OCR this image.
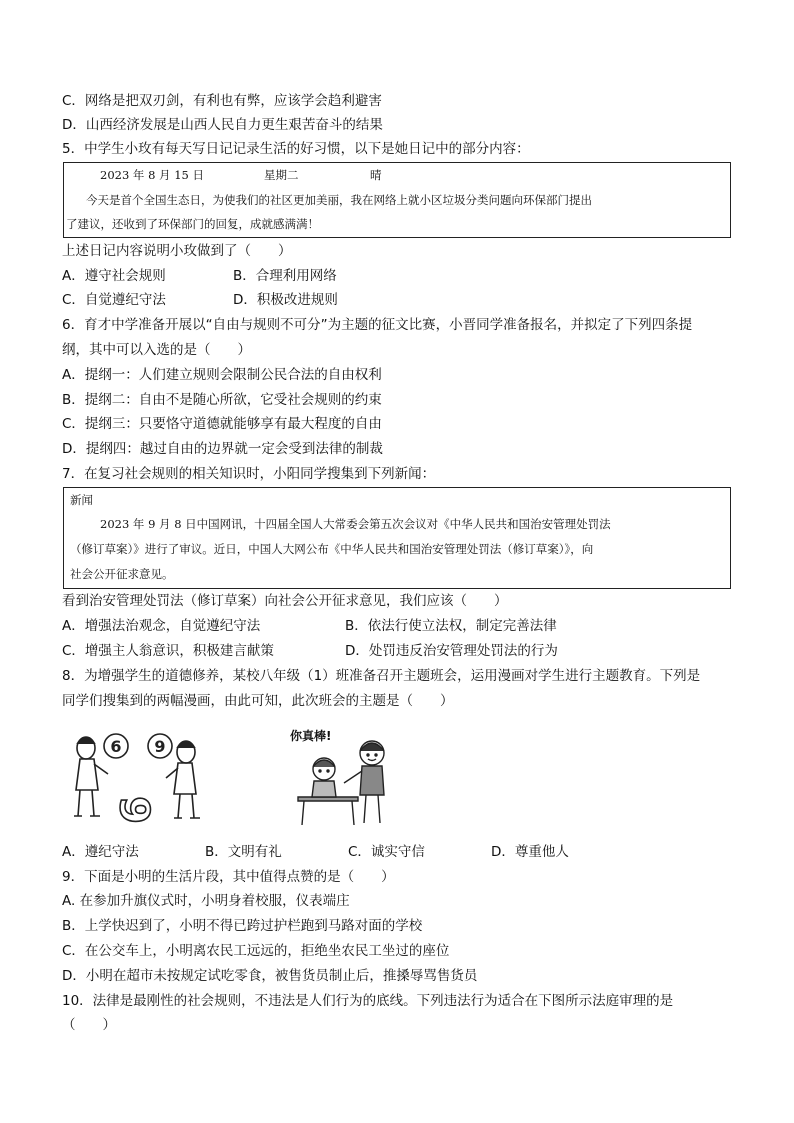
C．网络是把双刃剑，有利也有弊，应该学会趋利避害
D．山西经济发展是山西人民自力更生艰苦奋斗的结果
5．中学生小玫有每天写日记记录生活的好习惯，以下是她日记中的部分内容：
2023 年 8 月 15 日	星期二	晴
今天是首个全国生态日，为使我们的社区更加美丽，我在网络上就小区垃圾分类问题向环保部门提出
了建议，还收到了环保部门的回复，成就感满满！
上述日记内容说明小玫做到了（　　）
A．遵守社会规则	B．合理利用网络
C．自觉遵纪守法	D．积极改进规则
6．育才中学准备开展以“自由与规则不可分”为主题的征文比赛，小晋同学准备报名，并拟定了下列四条提
纲，其中可以入选的是（　　）
A．提纲一：人们建立规则会限制公民合法的自由权利
B．提纲二：自由不是随心所欲，它受社会规则的约束
C．提纲三：只要恪守道德就能够享有最大程度的自由
D．提纲四：越过自由的边界就一定会受到法律的制裁
7．在复习社会规则的相关知识时，小阳同学搜集到下列新闻：
新闻
2023 年 9 月 8 日中国网讯，十四届全国人大常委会第五次会议对《中华人民共和国治安管理处罚法
（修订草案）》进行了审议。近日，中国人大网公布《中华人民共和国治安管理处罚法（修订草案）》，向
社会公开征求意见。
看到治安管理处罚法（修订草案）向社会公开征求意见，我们应该（　　）
A．增强法治观念，自觉遵纪守法	B．依法行使立法权，制定完善法律
C．增强主人翁意识，积极建言献策	D．处罚违反治安管理处罚法的行为
8．为增强学生的道德修养，某校八年级（1）班准备召开主题班会，运用漫画对学生进行主题教育。下列是
同学们搜集到的两幅漫画，由此可知，此次班会的主题是（　　）
6 9
6
你真棒!
A．遵纪守法	B．文明有礼	C．诚实守信	D．尊重他人
9．下面是小明的生活片段，其中值得点赞的是（　　）
A. 在参加升旗仪式时，小明身着校服，仪表端庄
B．上学快迟到了，小明不得已跨过护栏跑到马路对面的学校
C．在公交车上，小明离农民工远远的，拒绝坐农民工坐过的座位
D．小明在超市未按规定试吃零食，被售货员制止后，推搡辱骂售货员
10．法律是最刚性的社会规则，不违法是人们行为的底线。下列违法行为适合在下图所示法庭审理的是
（　　）
